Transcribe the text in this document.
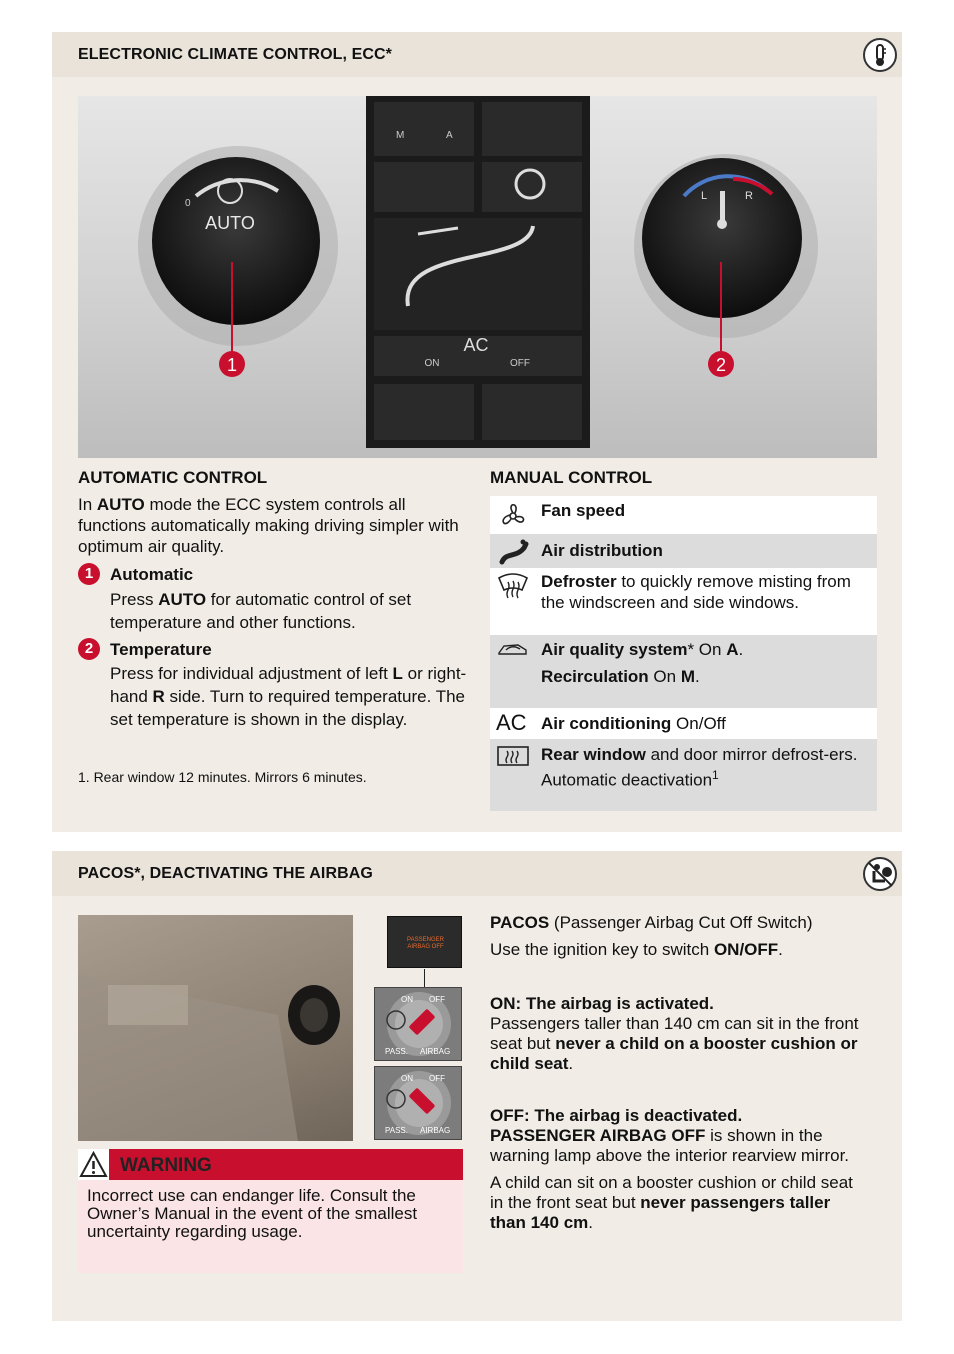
ELECTRONIC CLIMATE CONTROL, ECC*
AUTO
0
M	A
AC
ON	OFF
L	R
1	2
AUTOMATIC CONTROL
In AUTO mode the ECC system controls all functions automatically making driving simpler with optimum air quality.
1 Automatic
Press AUTO for automatic control of set temperature and other functions.
2 Temperature
Press for individual adjustment of left L or right-hand R side. Turn to required temperature. The set temperature is shown in the display.
1. Rear window 12 minutes. Mirrors 6 minutes.
MANUAL CONTROL
Fan speed
Air distribution
Defroster to quickly remove misting from the windscreen and side windows.
Air quality system* On A.
Recirculation On M.
AC Air conditioning On/Off
Rear window and door mirror defrost-ers. Automatic deactivation$^1$
PACOS*, DEACTIVATING THE AIRBAG
PASSENGER AIRBAG OFF
ON OFF
PASS. AIRBAG
ON OFF
PASS. AIRBAG
WARNING
Incorrect use can endanger life. Consult the Owner’s Manual in the event of the smallest uncertainty regarding usage.
PACOS (Passenger Airbag Cut Off Switch)
Use the ignition key to switch ON/OFF.
ON: The airbag is activated.
Passengers taller than 140 cm can sit in the front seat but never a child on a booster cushion or child seat.
OFF: The airbag is deactivated.
PASSENGER AIRBAG OFF is shown in the warning lamp above the interior rearview mirror.
A child can sit on a booster cushion or child seat in the front seat but never passengers taller than 140 cm.
